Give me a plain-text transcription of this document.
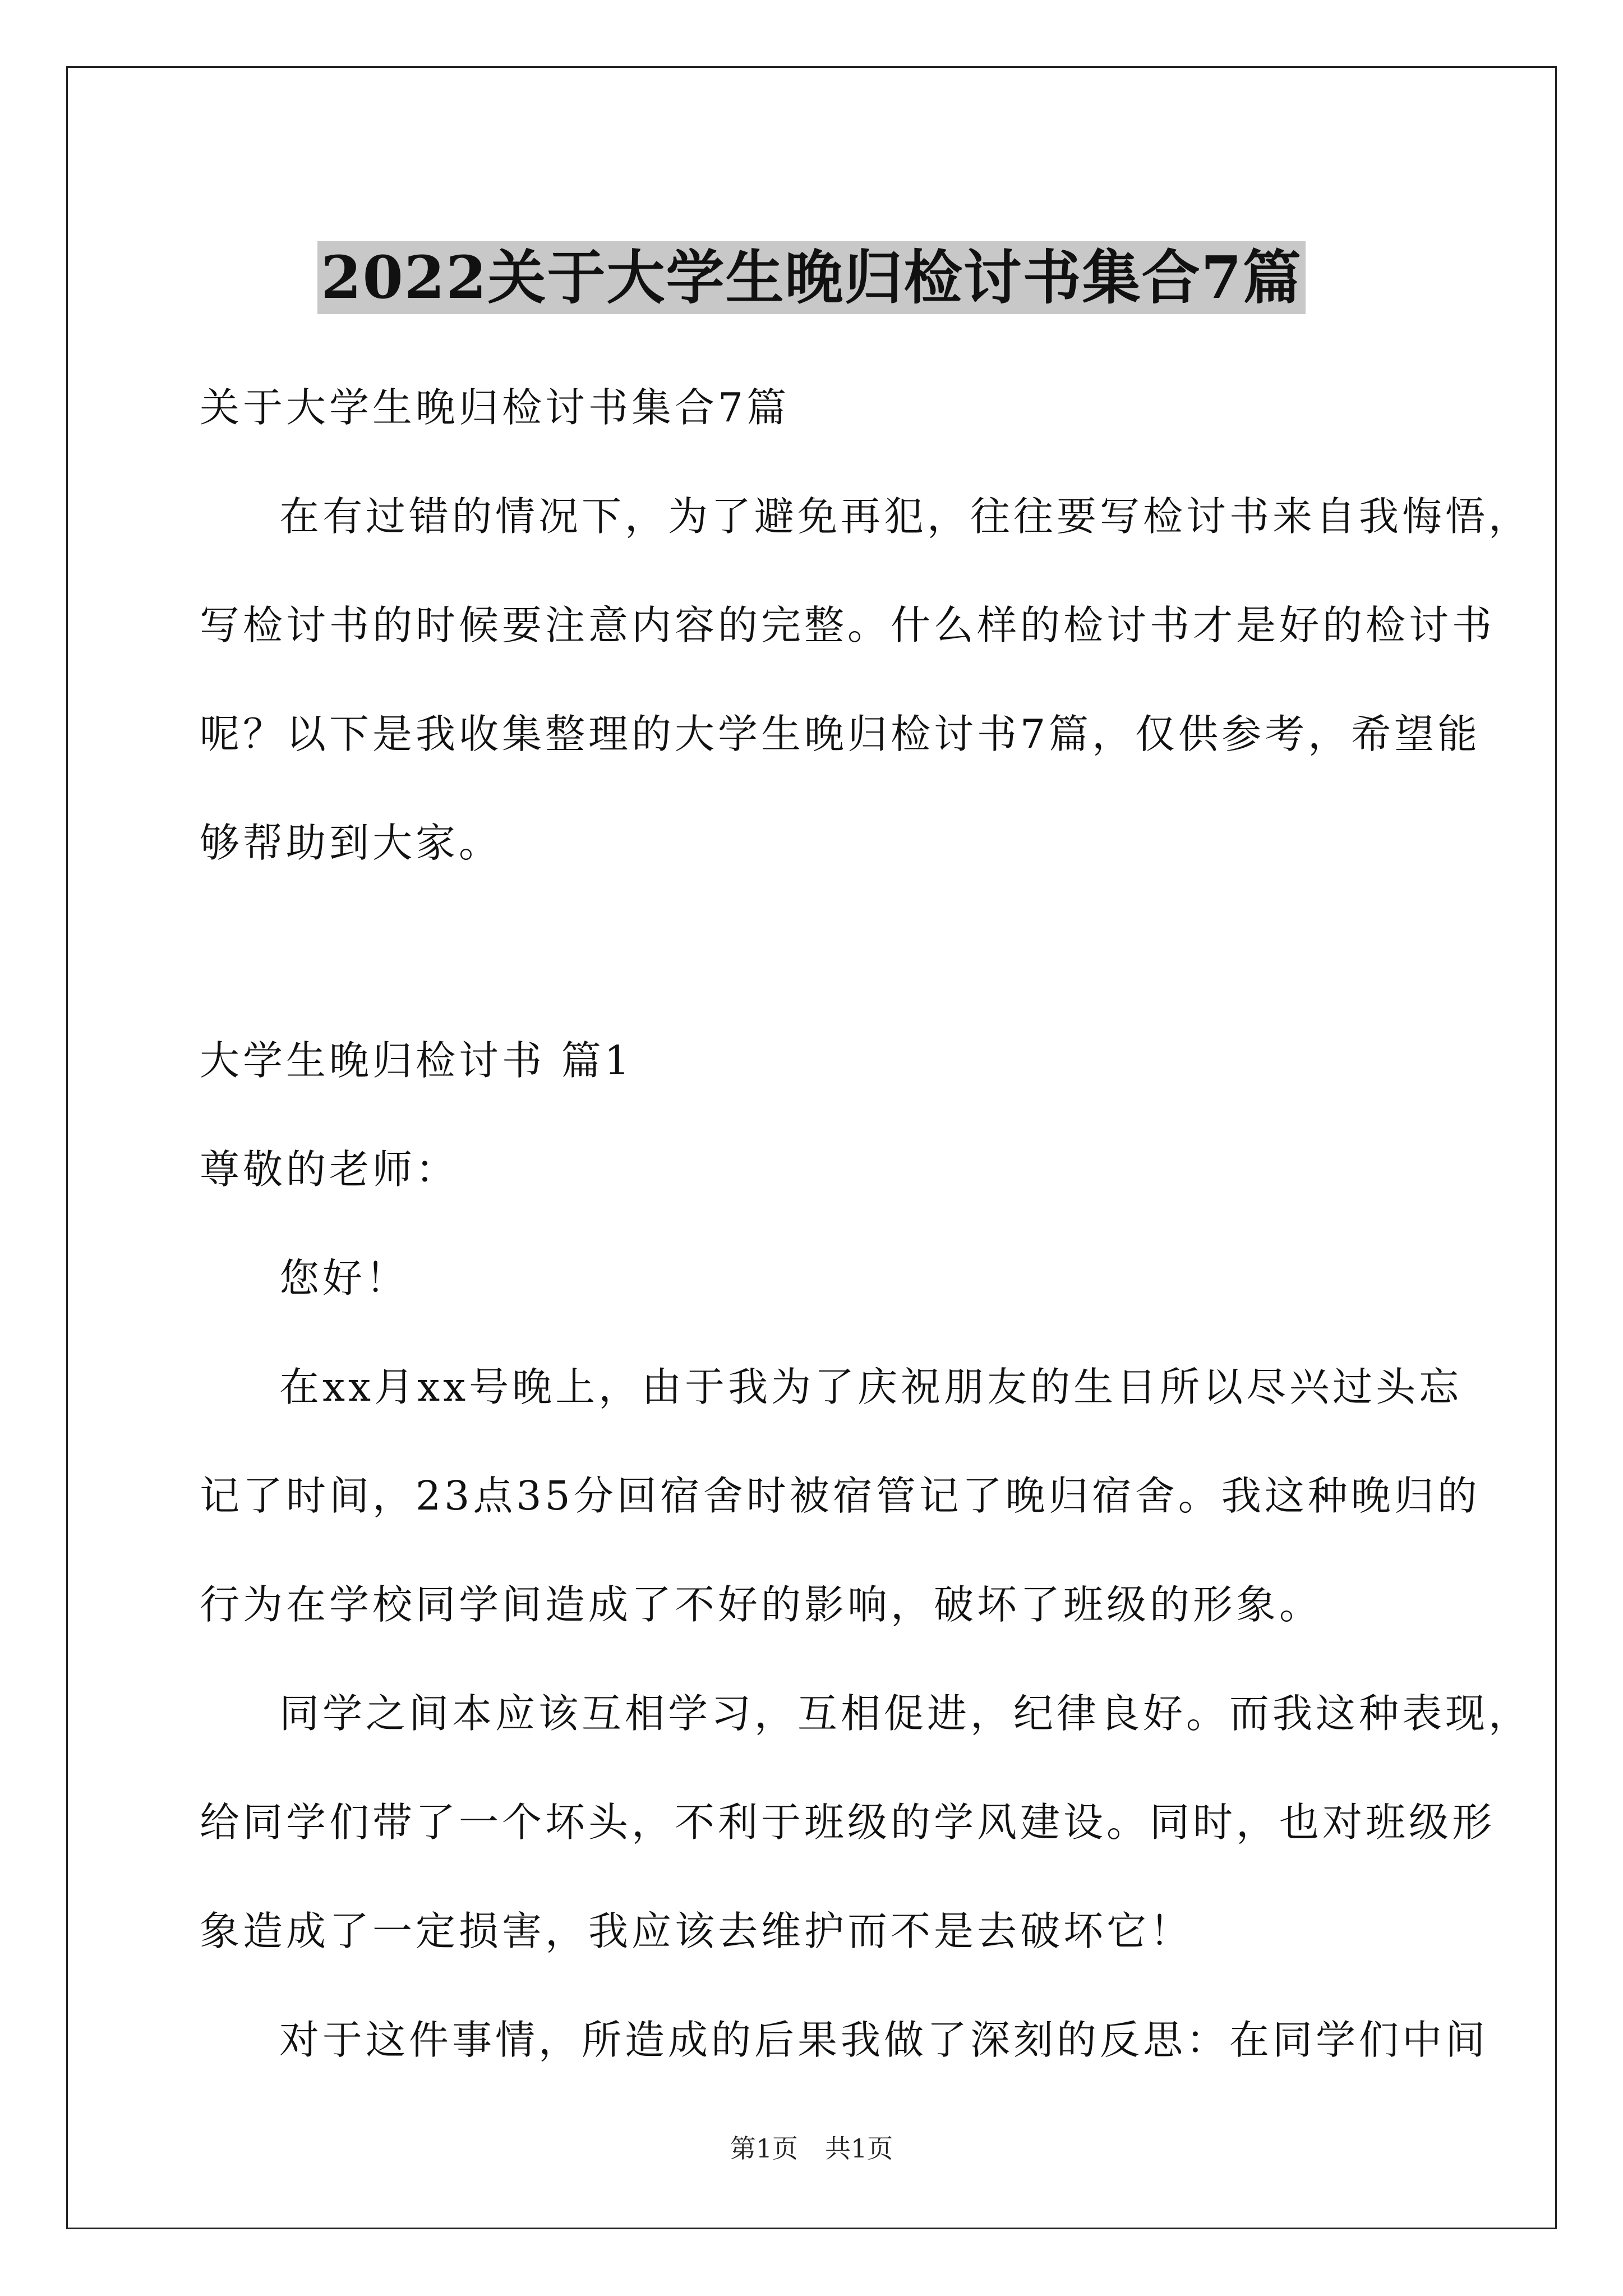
2022关于大学生晚归检讨书集合7篇

关于大学生晚归检讨书集合7篇

在有过错的情况下，为了避免再犯，往往要写检讨书来自我悔悟，

写检讨书的时候要注意内容的完整。什么样的检讨书才是好的检讨书

呢？以下是我收集整理的大学生晚归检讨书7篇，仅供参考，希望能

够帮助到大家。

大学生晚归检讨书 篇1

尊敬的老师：

您好！

在xx月xx号晚上，由于我为了庆祝朋友的生日所以尽兴过头忘

记了时间，23点35分回宿舍时被宿管记了晚归宿舍。我这种晚归的

行为在学校同学间造成了不好的影响，破坏了班级的形象。

同学之间本应该互相学习，互相促进，纪律良好。而我这种表现，

给同学们带了一个坏头，不利于班级的学风建设。同时，也对班级形

象造成了一定损害，我应该去维护而不是去破坏它！

对于这件事情，所造成的后果我做了深刻的反思：在同学们中间

第1页 共1页
